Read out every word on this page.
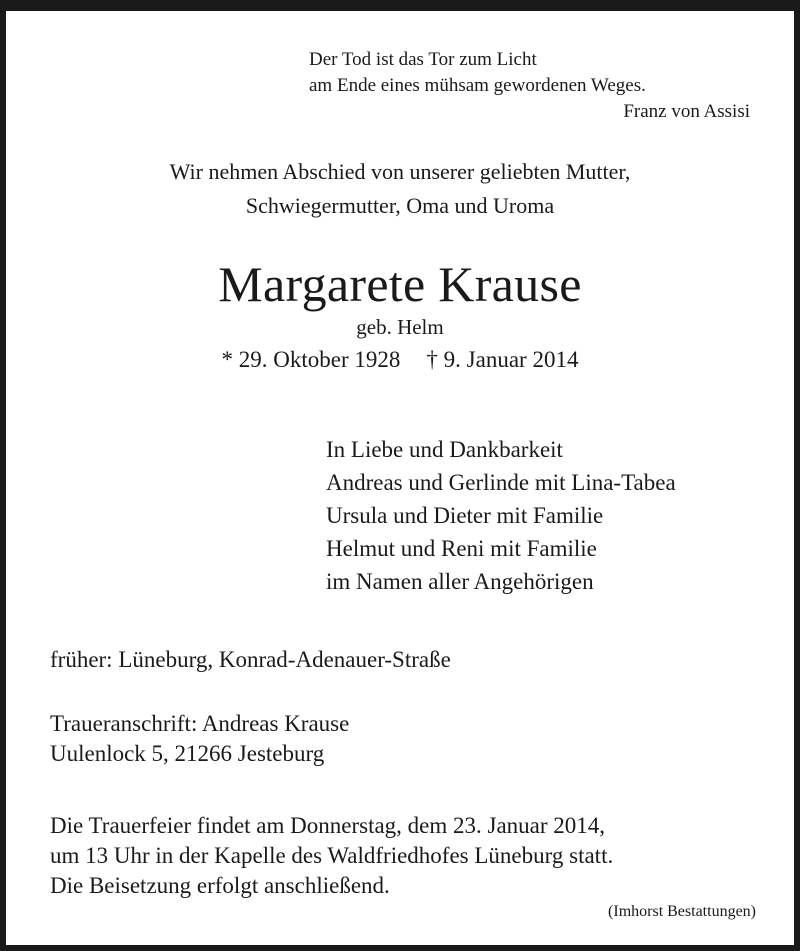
Der Tod ist das Tor zum Licht

am Ende eines mühsam gewordenen Weges.

Franz von Assisi

Wir nehmen Abschied von unserer geliebten Mutter,

Schwiegermutter, Oma und Uroma

Margarete Krause

geb. Helm

* 29. Oktober 1928 † 9. Januar 2014

In Liebe und Dankbarkeit

Andreas und Gerlinde mit Lina-Tabea

Ursula und Dieter mit Familie

Helmut und Reni mit Familie

im Namen aller Angehörigen

früher: Lüneburg, Konrad-Adenauer-Straße

Traueranschrift: Andreas Krause

Uulenlock 5, 21266 Jesteburg

Die Trauerfeier findet am Donnerstag, dem 23. Januar 2014,

um 13 Uhr in der Kapelle des Waldfriedhofes Lüneburg statt.

Die Beisetzung erfolgt anschließend.

(Imhorst Bestattungen)
